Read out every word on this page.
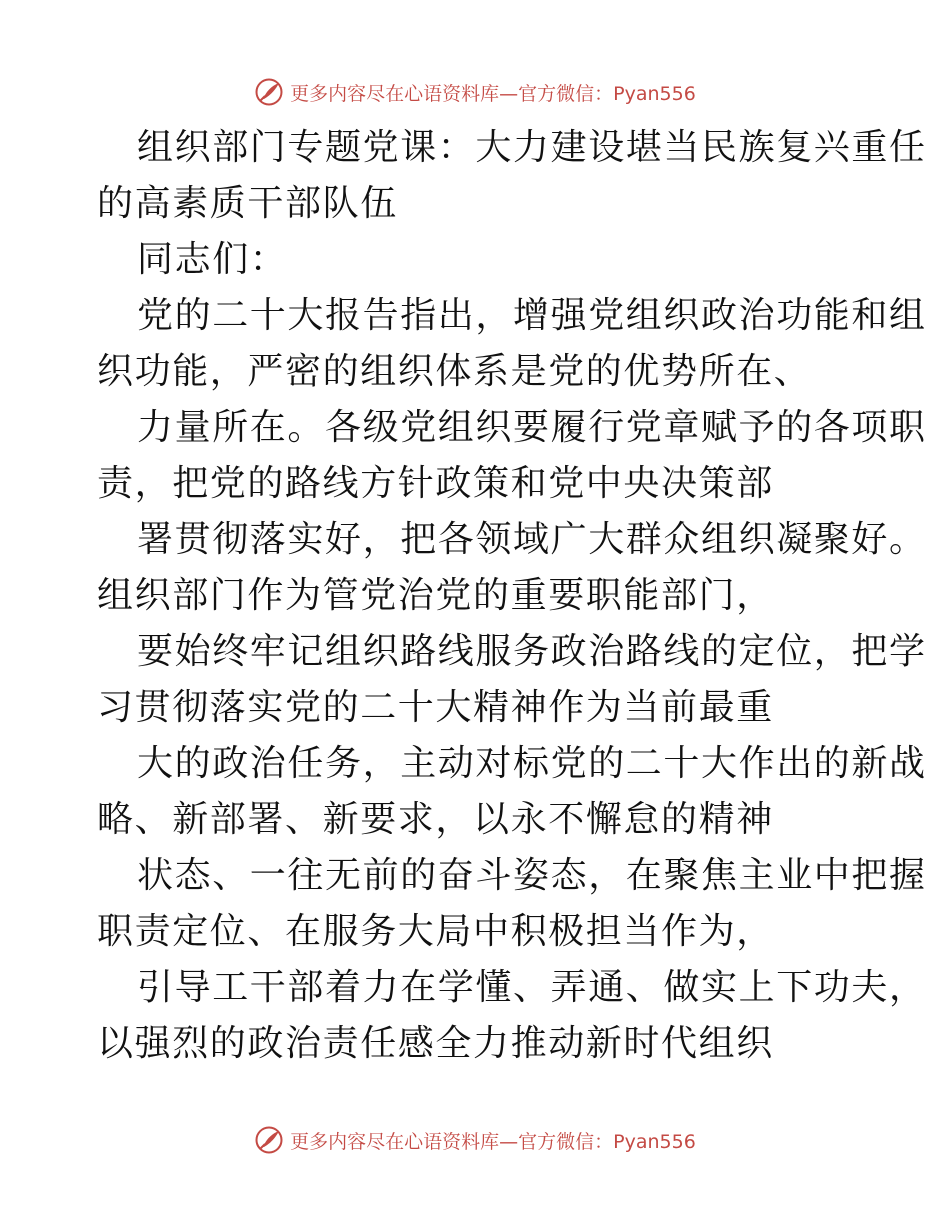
更多内容尽在心语资料库—官方微信：Pyan556
组织部门专题党课：大力建设堪当民族复兴重任
的高素质干部队伍
同志们：
党的二十大报告指出，增强党组织政治功能和组
织功能，严密的组织体系是党的优势所在、
力量所在。各级党组织要履行党章赋予的各项职
责，把党的路线方针政策和党中央决策部
署贯彻落实好，把各领域广大群众组织凝聚好。
组织部门作为管党治党的重要职能部门，
要始终牢记组织路线服务政治路线的定位，把学
习贯彻落实党的二十大精神作为当前最重
大的政治任务，主动对标党的二十大作出的新战
略、新部署、新要求，以永不懈怠的精神
状态、一往无前的奋斗姿态，在聚焦主业中把握
职责定位、在服务大局中积极担当作为，
引导工干部着力在学懂、弄通、做实上下功夫，
以强烈的政治责任感全力推动新时代组织
更多内容尽在心语资料库—官方微信：Pyan556
